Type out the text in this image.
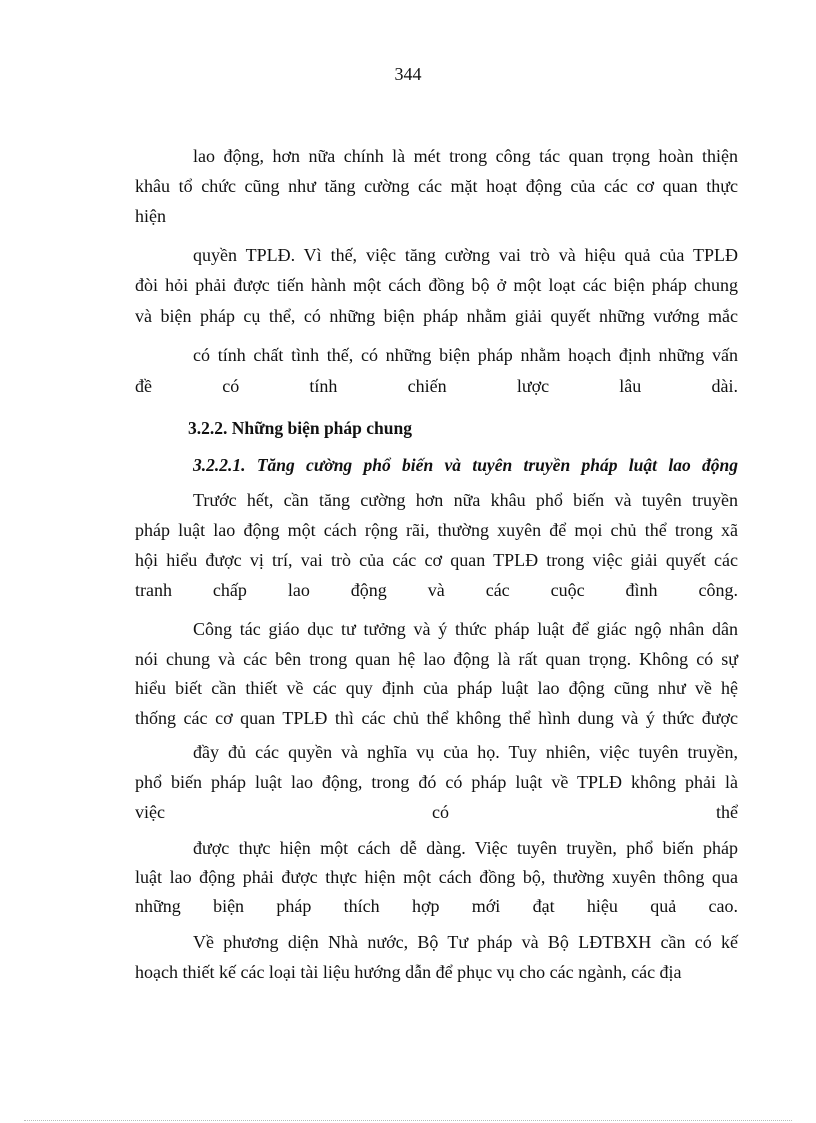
344
lao động, hơn nữa chính là mét trong công tác quan trọng hoàn thiện
khâu tổ chức cũng như tăng cường các mặt hoạt động của các cơ quan thực
hiện
quyền TPLĐ. Vì thế, việc tăng cường vai trò và hiệu quả của TPLĐ
đòi hỏi phải được tiến hành một cách đồng bộ ở một loạt các biện pháp chung
và biện pháp cụ thể, có những biện pháp nhằm giải quyết những vướng mắc
có tính chất tình thế, có những biện pháp nhằm hoạch định những vấn
đề có tính chiến lược lâu dài.
3.2.2. Những biện pháp chung
3.2.2.1. Tăng cường phổ biến và tuyên truyền pháp luật lao động
Trước hết, cần tăng cường hơn nữa khâu phổ biến và tuyên truyền
pháp luật lao động một cách rộng rãi, thường xuyên để mọi chủ thể trong xã
hội hiểu được vị trí, vai trò của các cơ quan TPLĐ trong việc giải quyết các
tranh chấp lao động và các cuộc đình công.
Công tác giáo dục tư tưởng và ý thức pháp luật để giác ngộ nhân dân
nói chung và các bên trong quan hệ lao động là rất quan trọng. Không có sự
hiểu biết cần thiết về các quy định của pháp luật lao động cũng như về hệ
thống các cơ quan TPLĐ thì các chủ thể không thể hình dung và ý thức được
đầy đủ các quyền và nghĩa vụ của họ. Tuy nhiên, việc tuyên truyền,
phổ biến pháp luật lao động, trong đó có pháp luật về TPLĐ không phải là
việc có thể
được thực hiện một cách dễ dàng. Việc tuyên truyền, phổ biến pháp
luật lao động phải được thực hiện một cách đồng bộ, thường xuyên thông qua
những biện pháp thích hợp mới đạt hiệu quả cao.
Về phương diện Nhà nước, Bộ Tư pháp và Bộ LĐTBXH cần có kế
hoạch thiết kế các loại tài liệu hướng dẫn để phục vụ cho các ngành, các địa
